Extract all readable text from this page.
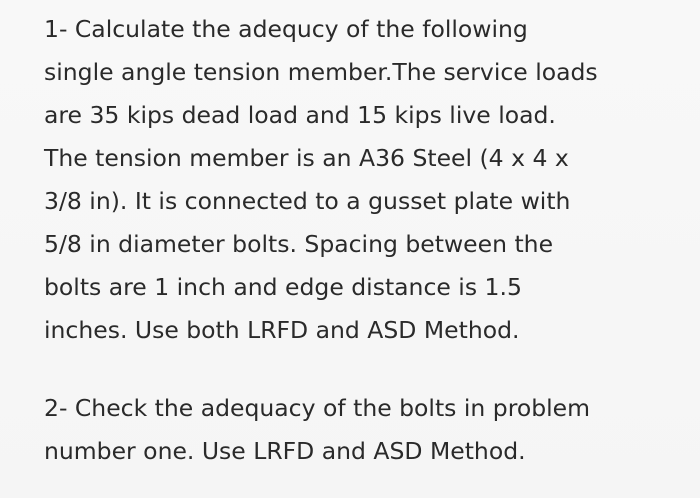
1- Calculate the adequcy of the following

single angle tension member.The service loads

are 35 kips dead load and 15 kips live load.

The tension member is an A36 Steel (4 x 4 x

3/8 in). It is connected to a gusset plate with

5/8 in diameter bolts. Spacing between the

bolts are 1 inch and edge distance is 1.5

inches. Use both LRFD and ASD Method.

2- Check the adequacy of the bolts in problem

number one. Use LRFD and ASD Method.
